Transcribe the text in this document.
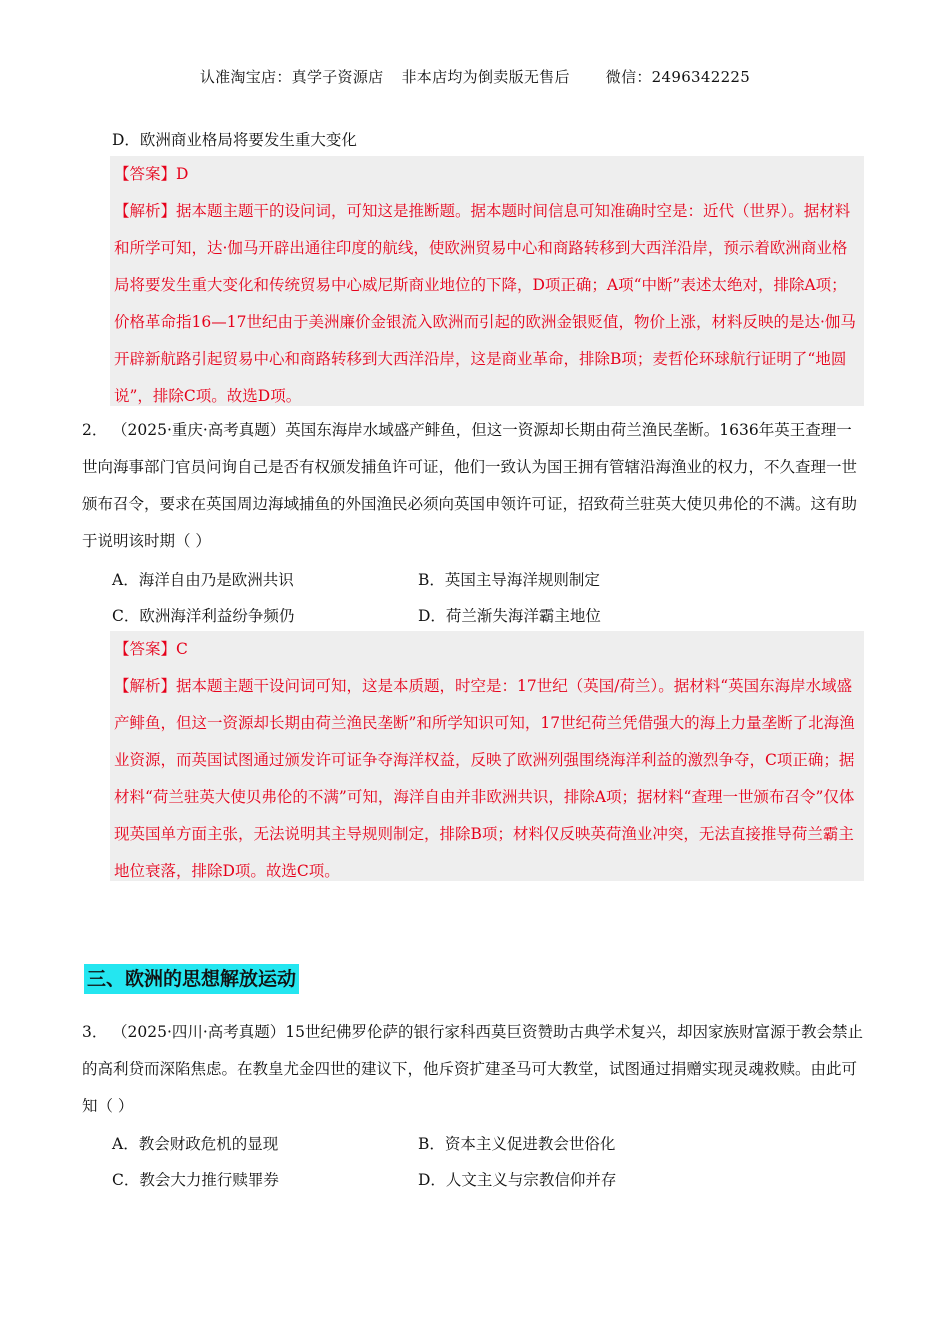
认准淘宝店：真学子资源店 非本店均为倒卖版无售后 微信：2496342225
D．欧洲商业格局将要发生重大变化

【答案】D

【解析】据本题主题干的设问词，可知这是推断题。据本题时间信息可知准确时空是：近代（世界）。据材料和所学可知，达·伽马开辟出通往印度的航线，使欧洲贸易中心和商路转移到大西洋沿岸，预示着欧洲商业格局将要发生重大变化和传统贸易中心威尼斯商业地位的下降，D项正确；A项“中断”表述太绝对，排除A项；价格革命指16—17世纪由于美洲廉价金银流入欧洲而引起的欧洲金银贬值，物价上涨，材料反映的是达·伽马开辟新航路引起贸易中心和商路转移到大西洋沿岸，这是商业革命，排除B项；麦哲伦环球航行证明了“地圆说”，排除C项。故选D项。

2． （2025·重庆·高考真题）英国东海岸水域盛产鲱鱼，但这一资源却长期由荷兰渔民垄断。1636年英王查理一世向海事部门官员问询自己是否有权颁发捕鱼许可证，他们一致认为国王拥有管辖沿海渔业的权力，不久查理一世颁布召令，要求在英国周边海域捕鱼的外国渔民必须向英国申领许可证，招致荷兰驻英大使贝弗伦的不满。这有助于说明该时期（ ）
A．海洋自由乃是欧洲共识	B．英国主导海洋规则制定
C．欧洲海洋利益纷争频仍	D．荷兰渐失海洋霸主地位

【答案】C

【解析】据本题主题干设问词可知，这是本质题，时空是：17世纪（英国/荷兰）。据材料“英国东海岸水域盛产鲱鱼，但这一资源却长期由荷兰渔民垄断”和所学知识可知，17世纪荷兰凭借强大的海上力量垄断了北海渔业资源，而英国试图通过颁发许可证争夺海洋权益，反映了欧洲列强围绕海洋利益的激烈争夺，C项正确；据材料“荷兰驻英大使贝弗伦的不满”可知，海洋自由并非欧洲共识，排除A项；据材料“查理一世颁布召令”仅体现英国单方面主张，无法说明其主导规则制定，排除B项；材料仅反映英荷渔业冲突，无法直接推导荷兰霸主地位衰落，排除D项。故选C项。

三、欧洲的思想解放运动
3． （2025·四川·高考真题）15世纪佛罗伦萨的银行家科西莫巨资赞助古典学术复兴，却因家族财富源于教会禁止的高利贷而深陷焦虑。在教皇尤金四世的建议下，他斥资扩建圣马可大教堂，试图通过捐赠实现灵魂救赎。由此可知（ ）
A．教会财政危机的显现	B．资本主义促进教会世俗化
C．教会大力推行赎罪券	D．人文主义与宗教信仰并存
